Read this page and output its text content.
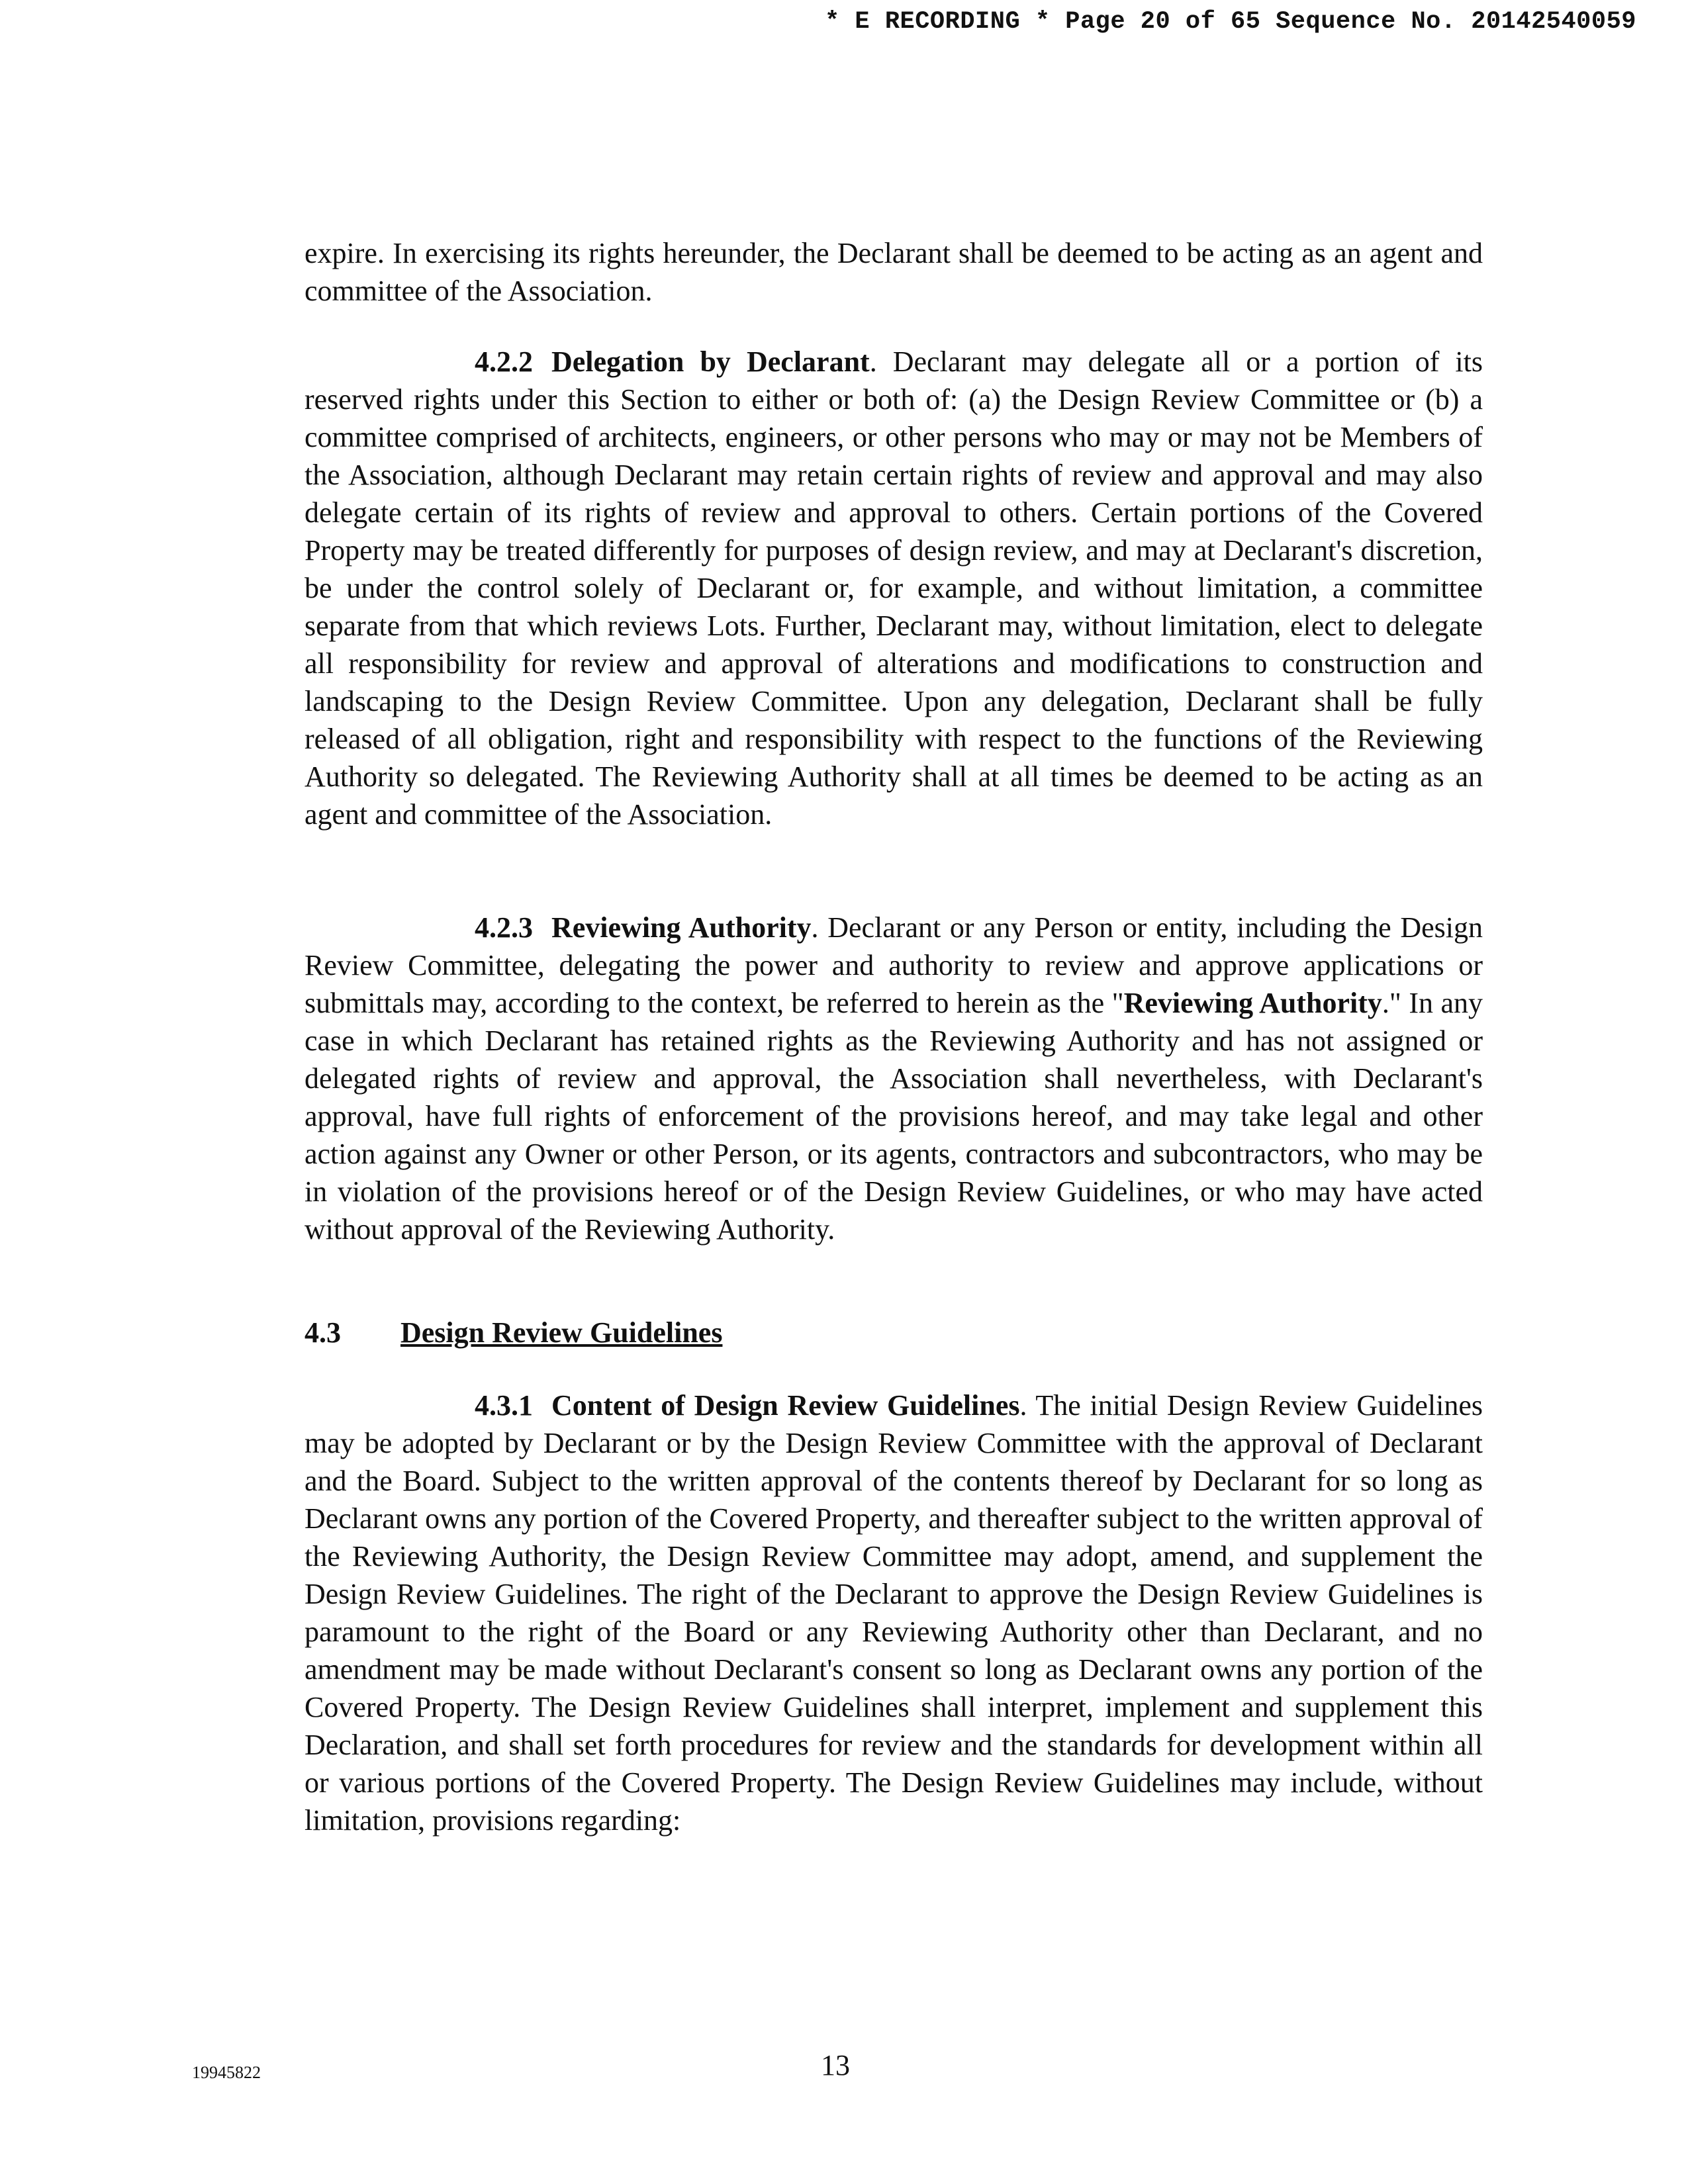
* E RECORDING * Page 20 of 65 Sequence No. 20142540059

expire. In exercising its rights hereunder, the Declarant shall be deemed to be acting as an agent and committee of the Association.

4.2.2 Delegation by Declarant. Declarant may delegate all or a portion of its reserved rights under this Section to either or both of: (a) the Design Review Committee or (b) a committee comprised of architects, engineers, or other persons who may or may not be Members of the Association, although Declarant may retain certain rights of review and approval and may also delegate certain of its rights of review and approval to others. Certain portions of the Covered Property may be treated differently for purposes of design review, and may at Declarant's discretion, be under the control solely of Declarant or, for example, and without limitation, a committee separate from that which reviews Lots. Further, Declarant may, without limitation, elect to delegate all responsibility for review and approval of alterations and modifications to construction and landscaping to the Design Review Committee. Upon any delegation, Declarant shall be fully released of all obligation, right and responsibility with respect to the functions of the Reviewing Authority so delegated. The Reviewing Authority shall at all times be deemed to be acting as an agent and committee of the Association.

4.2.3 Reviewing Authority. Declarant or any Person or entity, including the Design Review Committee, delegating the power and authority to review and approve applications or submittals may, according to the context, be referred to herein as the "Reviewing Authority." In any case in which Declarant has retained rights as the Reviewing Authority and has not assigned or delegated rights of review and approval, the Association shall nevertheless, with Declarant's approval, have full rights of enforcement of the provisions hereof, and may take legal and other action against any Owner or other Person, or its agents, contractors and subcontractors, who may be in violation of the provisions hereof or of the Design Review Guidelines, or who may have acted without approval of the Reviewing Authority.

4.3 Design Review Guidelines

4.3.1 Content of Design Review Guidelines. The initial Design Review Guidelines may be adopted by Declarant or by the Design Review Committee with the approval of Declarant and the Board. Subject to the written approval of the contents thereof by Declarant for so long as Declarant owns any portion of the Covered Property, and thereafter subject to the written approval of the Reviewing Authority, the Design Review Committee may adopt, amend, and supplement the Design Review Guidelines. The right of the Declarant to approve the Design Review Guidelines is paramount to the right of the Board or any Reviewing Authority other than Declarant, and no amendment may be made without Declarant's consent so long as Declarant owns any portion of the Covered Property. The Design Review Guidelines shall interpret, implement and supplement this Declaration, and shall set forth procedures for review and the standards for development within all or various portions of the Covered Property. The Design Review Guidelines may include, without limitation, provisions regarding:

19945822	13
